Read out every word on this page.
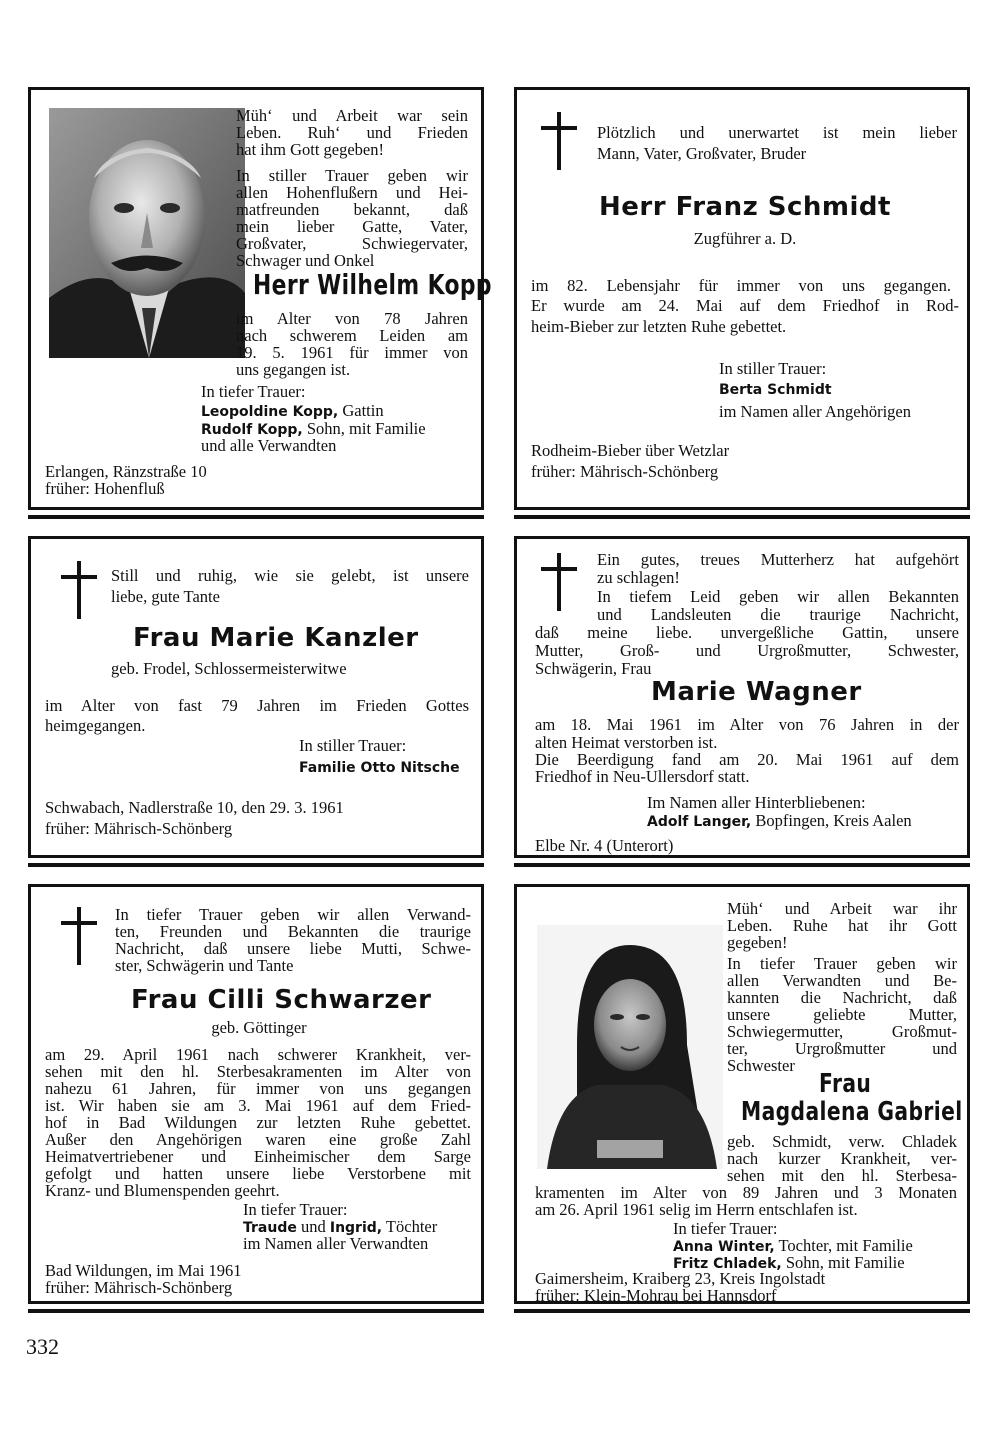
Müh‘ und Arbeit war sein
Leben. Ruh‘ und Frieden
hat ihm Gott gegeben!
In stiller Trauer geben wir
allen Hohenflußern und Hei-
matfreunden bekannt, daß
mein lieber Gatte, Vater,
Großvater, Schwiegervater,
Schwager und Onkel
Herr Wilhelm Kopp
im Alter von 78 Jahren
nach schwerem Leiden am
19. 5. 1961 für immer von
uns gegangen ist.
In tiefer Trauer:
Leopoldine Kopp, Gattin
Rudolf Kopp, Sohn, mit Familie
und alle Verwandten
Erlangen, Ränzstraße 10
früher: Hohenfluß
Plötzlich und unerwartet ist mein lieber
Mann, Vater, Großvater, Bruder
Herr Franz Schmidt
Zugführer a. D.
im 82. Lebensjahr für immer von uns gegangen.
Er wurde am 24. Mai auf dem Friedhof in Rod-
heim-Bieber zur letzten Ruhe gebettet.
In stiller Trauer:
Berta Schmidt
im Namen aller Angehörigen
Rodheim-Bieber über Wetzlar
früher: Mährisch-Schönberg
Still und ruhig, wie sie gelebt, ist unsere
liebe, gute Tante
Frau Marie Kanzler
geb. Frodel, Schlossermeisterwitwe
im Alter von fast 79 Jahren im Frieden Gottes
heimgegangen.
In stiller Trauer:
Familie Otto Nitsche
Schwabach, Nadlerstraße 10, den 29. 3. 1961
früher: Mährisch-Schönberg
Ein gutes, treues Mutterherz hat aufgehört
zu schlagen!
In tiefem Leid geben wir allen Bekannten
und Landsleuten die traurige Nachricht,
daß meine liebe. unvergeßliche Gattin, unsere
Mutter, Groß- und Urgroßmutter, Schwester,
Schwägerin, Frau
Marie Wagner
am 18. Mai 1961 im Alter von 76 Jahren in der
alten Heimat verstorben ist.
Die Beerdigung fand am 20. Mai 1961 auf dem
Friedhof in Neu-Ullersdorf statt.
Im Namen aller Hinterbliebenen:
Adolf Langer, Bopfingen, Kreis Aalen
Elbe Nr. 4 (Unterort)
In tiefer Trauer geben wir allen Verwand-
ten, Freunden und Bekannten die traurige
Nachricht, daß unsere liebe Mutti, Schwe-
ster, Schwägerin und Tante
Frau Cilli Schwarzer
geb. Göttinger
am 29. April 1961 nach schwerer Krankheit, ver-
sehen mit den hl. Sterbesakramenten im Alter von
nahezu 61 Jahren, für immer von uns gegangen
ist. Wir haben sie am 3. Mai 1961 auf dem Fried-
hof in Bad Wildungen zur letzten Ruhe gebettet.
Außer den Angehörigen waren eine große Zahl
Heimatvertriebener und Einheimischer dem Sarge
gefolgt und hatten unsere liebe Verstorbene mit
Kranz- und Blumenspenden geehrt.
In tiefer Trauer:
Traude und Ingrid, Töchter
im Namen aller Verwandten
Bad Wildungen, im Mai 1961
früher: Mährisch-Schönberg
Müh‘ und Arbeit war ihr
Leben. Ruhe hat ihr Gott
gegeben!
In tiefer Trauer geben wir
allen Verwandten und Be-
kannten die Nachricht, daß
unsere geliebte Mutter,
Schwiegermutter, Großmut-
ter, Urgroßmutter und
Schwester
Frau
Magdalena Gabriel
geb. Schmidt, verw. Chladek
nach kurzer Krankheit, ver-
sehen mit den hl. Sterbesa-
kramenten im Alter von 89 Jahren und 3 Monaten
am 26. April 1961 selig im Herrn entschlafen ist.
In tiefer Trauer:
Anna Winter, Tochter, mit Familie
Fritz Chladek, Sohn, mit Familie
Gaimersheim, Kraiberg 23, Kreis Ingolstadt
früher: Klein-Mohrau bei Hannsdorf
332
